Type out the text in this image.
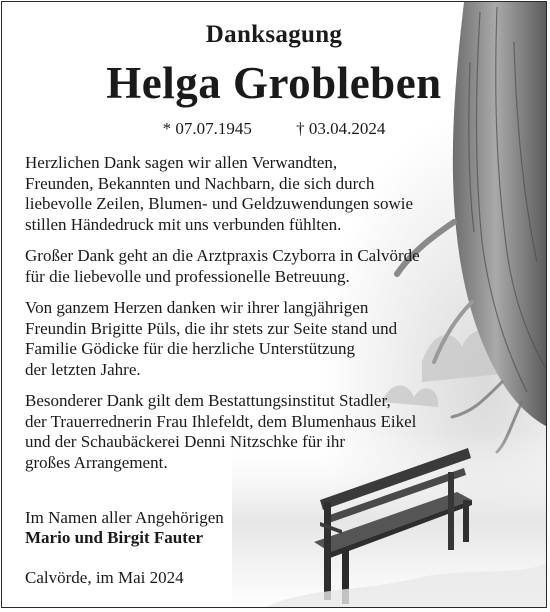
Danksagung
Helga Grobleben
* 07.07.1945	† 03.04.2024

Herzlichen Dank sagen wir allen Verwandten,
Freunden, Bekannten und Nachbarn, die sich durch
liebevolle Zeilen, Blumen- und Geldzuwendungen sowie
stillen Händedruck mit uns verbunden fühlten.

Großer Dank geht an die Arztpraxis Czyborra in Calvörde
für die liebevolle und professionelle Betreuung.

Von ganzem Herzen danken wir ihrer langjährigen
Freundin Brigitte Püls, die ihr stets zur Seite stand und
Familie Gödicke für die herzliche Unterstützung
der letzten Jahre.

Besonderer Dank gilt dem Bestattungsinstitut Stadler,
der Trauerrednerin Frau Ihlefeldt, dem Blumenhaus Eikel
und der Schaubäckerei Denni Nitzschke für ihr
großes Arrangement.

Im Namen aller Angehörigen
Mario und Birgit Fauter
Calvörde, im Mai 2024
